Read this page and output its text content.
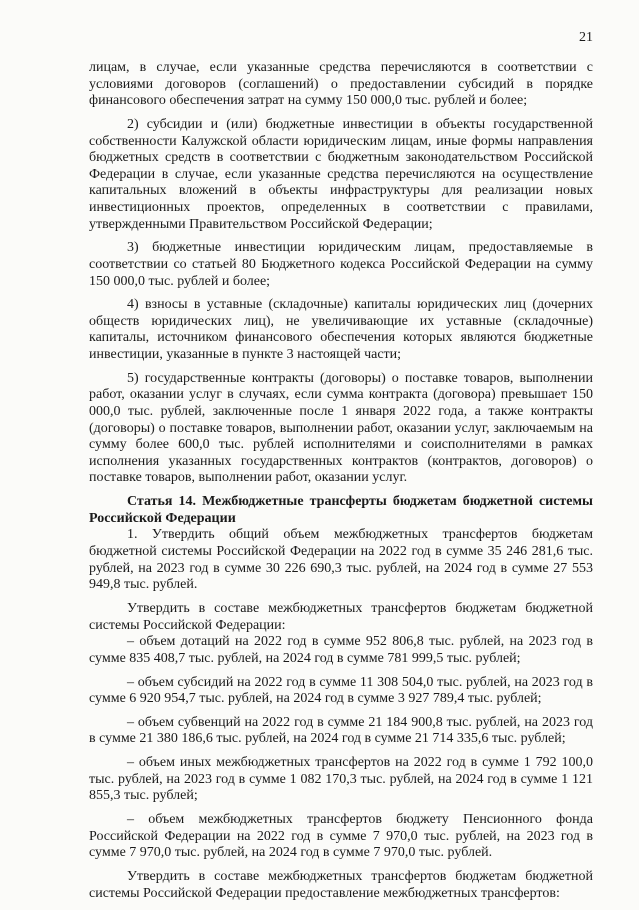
21

лицам, в случае, если указанные средства перечисляются в соответствии с условиями договоров (соглашений) о предоставлении субсидий в порядке финансового обеспечения затрат на сумму 150 000,0 тыс. рублей и более;

2) субсидии и (или) бюджетные инвестиции в объекты государственной собственности Калужской области юридическим лицам, иные формы направления бюджетных средств в соответствии с бюджетным законодательством Российской Федерации в случае, если указанные средства перечисляются на осуществление капитальных вложений в объекты инфраструктуры для реализации новых инвестиционных проектов, определенных в соответствии с правилами, утвержденными Правительством Российской Федерации;

3) бюджетные инвестиции юридическим лицам, предоставляемые в соответствии со статьей 80 Бюджетного кодекса Российской Федерации на сумму 150 000,0 тыс. рублей и более;

4) взносы в уставные (складочные) капиталы юридических лиц (дочерних обществ юридических лиц), не увеличивающие их уставные (складочные) капиталы, источником финансового обеспечения которых являются бюджетные инвестиции, указанные в пункте 3 настоящей части;

5) государственные контракты (договоры) о поставке товаров, выполнении работ, оказании услуг в случаях, если сумма контракта (договора) превышает 150 000,0 тыс. рублей, заключенные после 1 января 2022 года, а также контракты (договоры) о поставке товаров, выполнении работ, оказании услуг, заключаемым на сумму более 600,0 тыс. рублей исполнителями и соисполнителями в рамках исполнения указанных государственных контрактов (контрактов, договоров) о поставке товаров, выполнении работ, оказании услуг.

Статья 14. Межбюджетные трансферты бюджетам бюджетной системы Российской Федерации

1. Утвердить общий объем межбюджетных трансфертов бюджетам бюджетной системы Российской Федерации на 2022 год в сумме 35 246 281,6 тыс. рублей, на 2023 год в сумме 30 226 690,3 тыс. рублей, на 2024 год в сумме 27 553 949,8 тыс. рублей.

Утвердить в составе межбюджетных трансфертов бюджетам бюджетной системы Российской Федерации:

– объем дотаций на 2022 год в сумме 952 806,8 тыс. рублей, на 2023 год в сумме 835 408,7 тыс. рублей, на 2024 год в сумме 781 999,5 тыс. рублей;

– объем субсидий на 2022 год в сумме 11 308 504,0 тыс. рублей, на 2023 год в сумме 6 920 954,7 тыс. рублей, на 2024 год в сумме 3 927 789,4 тыс. рублей;

– объем субвенций на 2022 год в сумме 21 184 900,8 тыс. рублей, на 2023 год в сумме 21 380 186,6 тыс. рублей, на 2024 год в сумме 21 714 335,6 тыс. рублей;

– объем иных межбюджетных трансфертов на 2022 год в сумме 1 792 100,0 тыс. рублей, на 2023 год в сумме 1 082 170,3 тыс. рублей, на 2024 год в сумме 1 121 855,3 тыс. рублей;

– объем межбюджетных трансфертов бюджету Пенсионного фонда Российской Федерации на 2022 год в сумме 7 970,0 тыс. рублей, на 2023 год в сумме 7 970,0 тыс. рублей, на 2024 год в сумме 7 970,0 тыс. рублей.

Утвердить в составе межбюджетных трансфертов бюджетам бюджетной системы Российской Федерации предоставление межбюджетных трансфертов:
